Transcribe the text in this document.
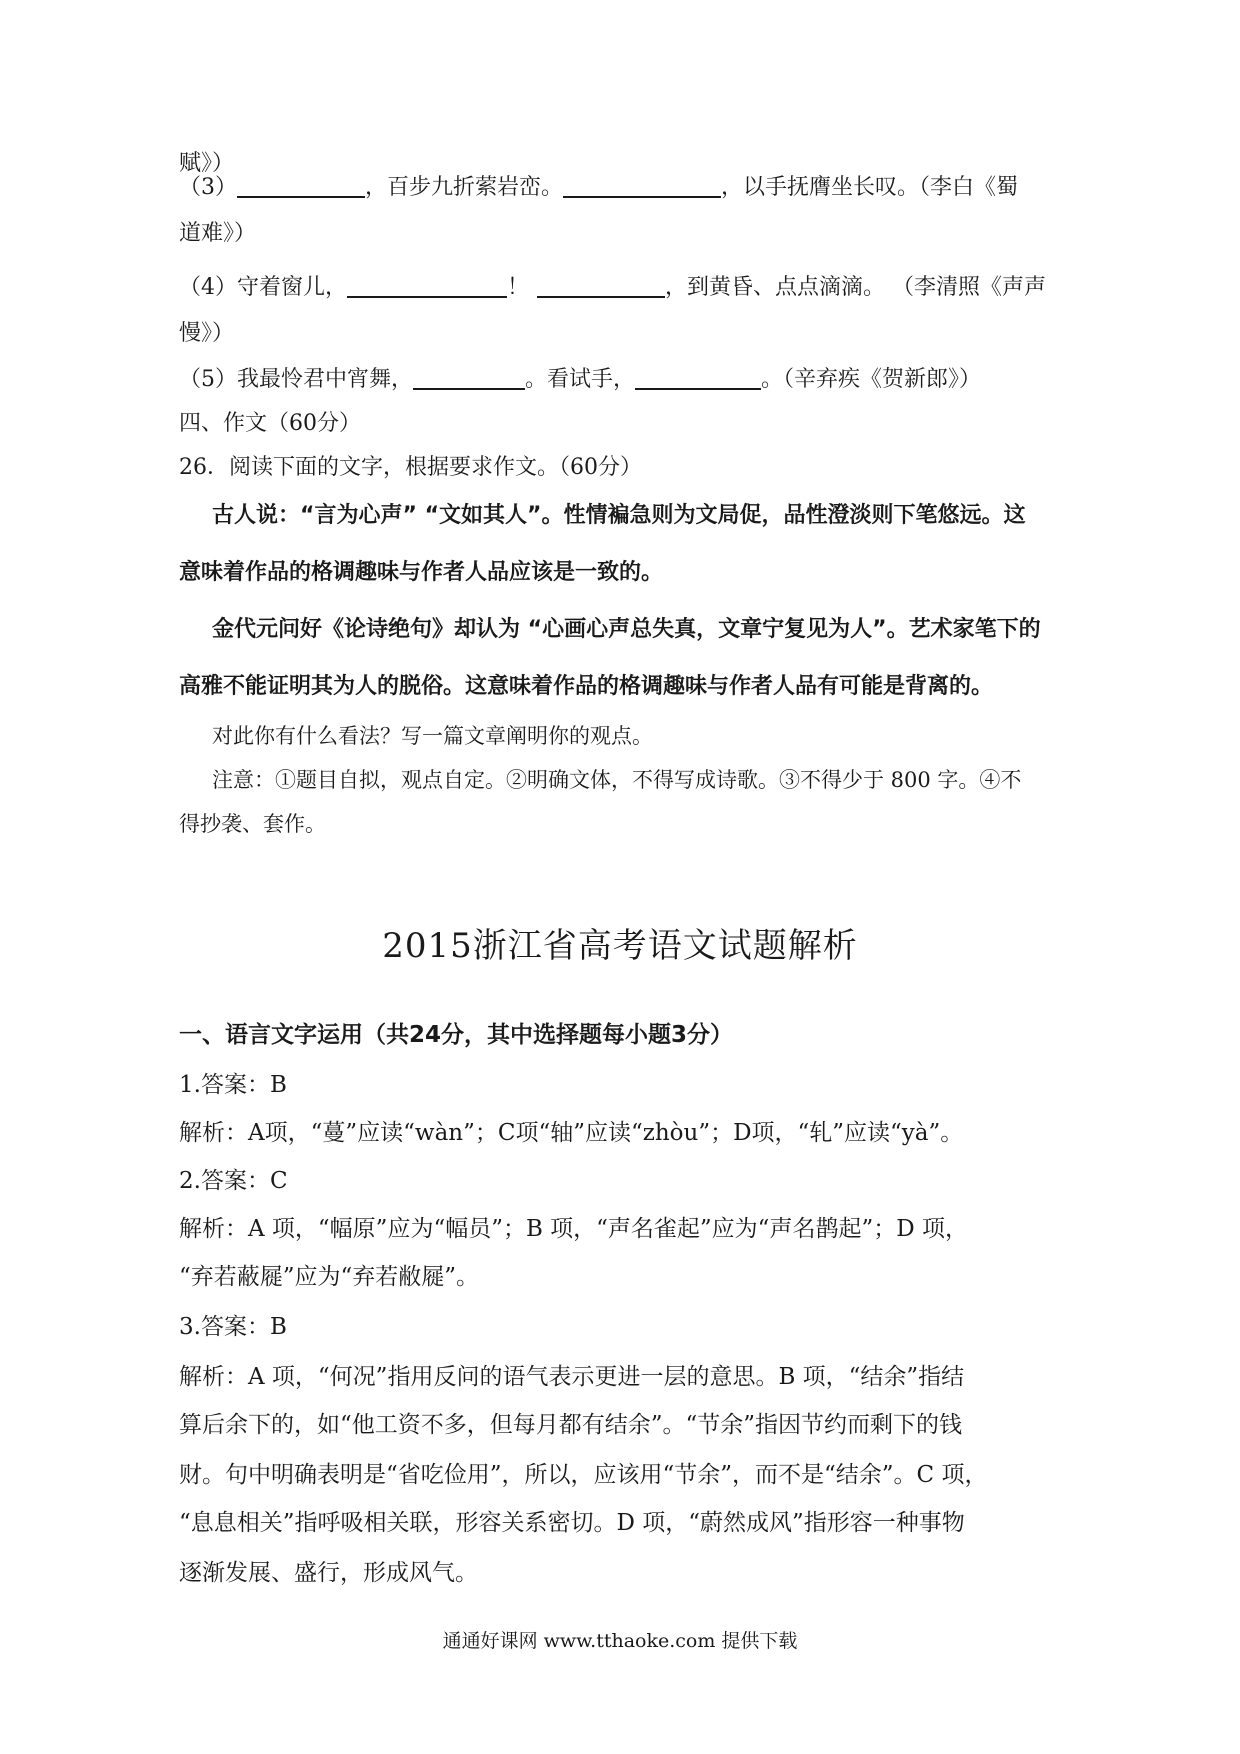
赋》）
（3）	，百步九折萦岩峦。	，以手抚膺坐长叹。（李白《蜀
道难》）
（4）守着窗儿，	！	，到黄昏、点点滴滴。 （李清照《声声
慢》）
（5）我最怜君中宵舞，	。看试手，	。（辛弃疾《贺新郎》）
四、作文（60分）
26．阅读下面的文字，根据要求作文。（60分）
古人说：“言为心声” “文如其人”。性情褊急则为文局促，品性澄淡则下笔悠远。这
意味着作品的格调趣味与作者人品应该是一致的。
金代元问好《论诗绝句》却认为 “心画心声总失真，文章宁复见为人”。艺术家笔下的
高雅不能证明其为人的脱俗。这意味着作品的格调趣味与作者人品有可能是背离的。
对此你有什么看法？写一篇文章阐明你的观点。
注意：①题目自拟，观点自定。②明确文体，不得写成诗歌。③不得少于 800 字。④不
得抄袭、套作。
2015浙江省高考语文试题解析
一、语言文字运用（共24分，其中选择题每小题3分）
1.答案：B
解析：A项，“蔓”应读“wàn”；C项“轴”应读“zhòu”；D项，“轧”应读“yà”。
2.答案：C
解析：A 项，“幅原”应为“幅员”；B 项，“声名雀起”应为“声名鹊起”；D 项，
“弃若蔽屣”应为“弃若敝屣”。
3.答案：B
解析：A 项，“何况”指用反问的语气表示更进一层的意思。B 项，“结余”指结
算后余下的，如“他工资不多，但每月都有结余”。“节余”指因节约而剩下的钱
财。句中明确表明是“省吃俭用”，所以，应该用“节余”，而不是“结余”。C 项，
“息息相关”指呼吸相关联，形容关系密切。D 项，“蔚然成风”指形容一种事物
逐渐发展、盛行，形成风气。
通通好课网 www.tthaoke.com 提供下载
